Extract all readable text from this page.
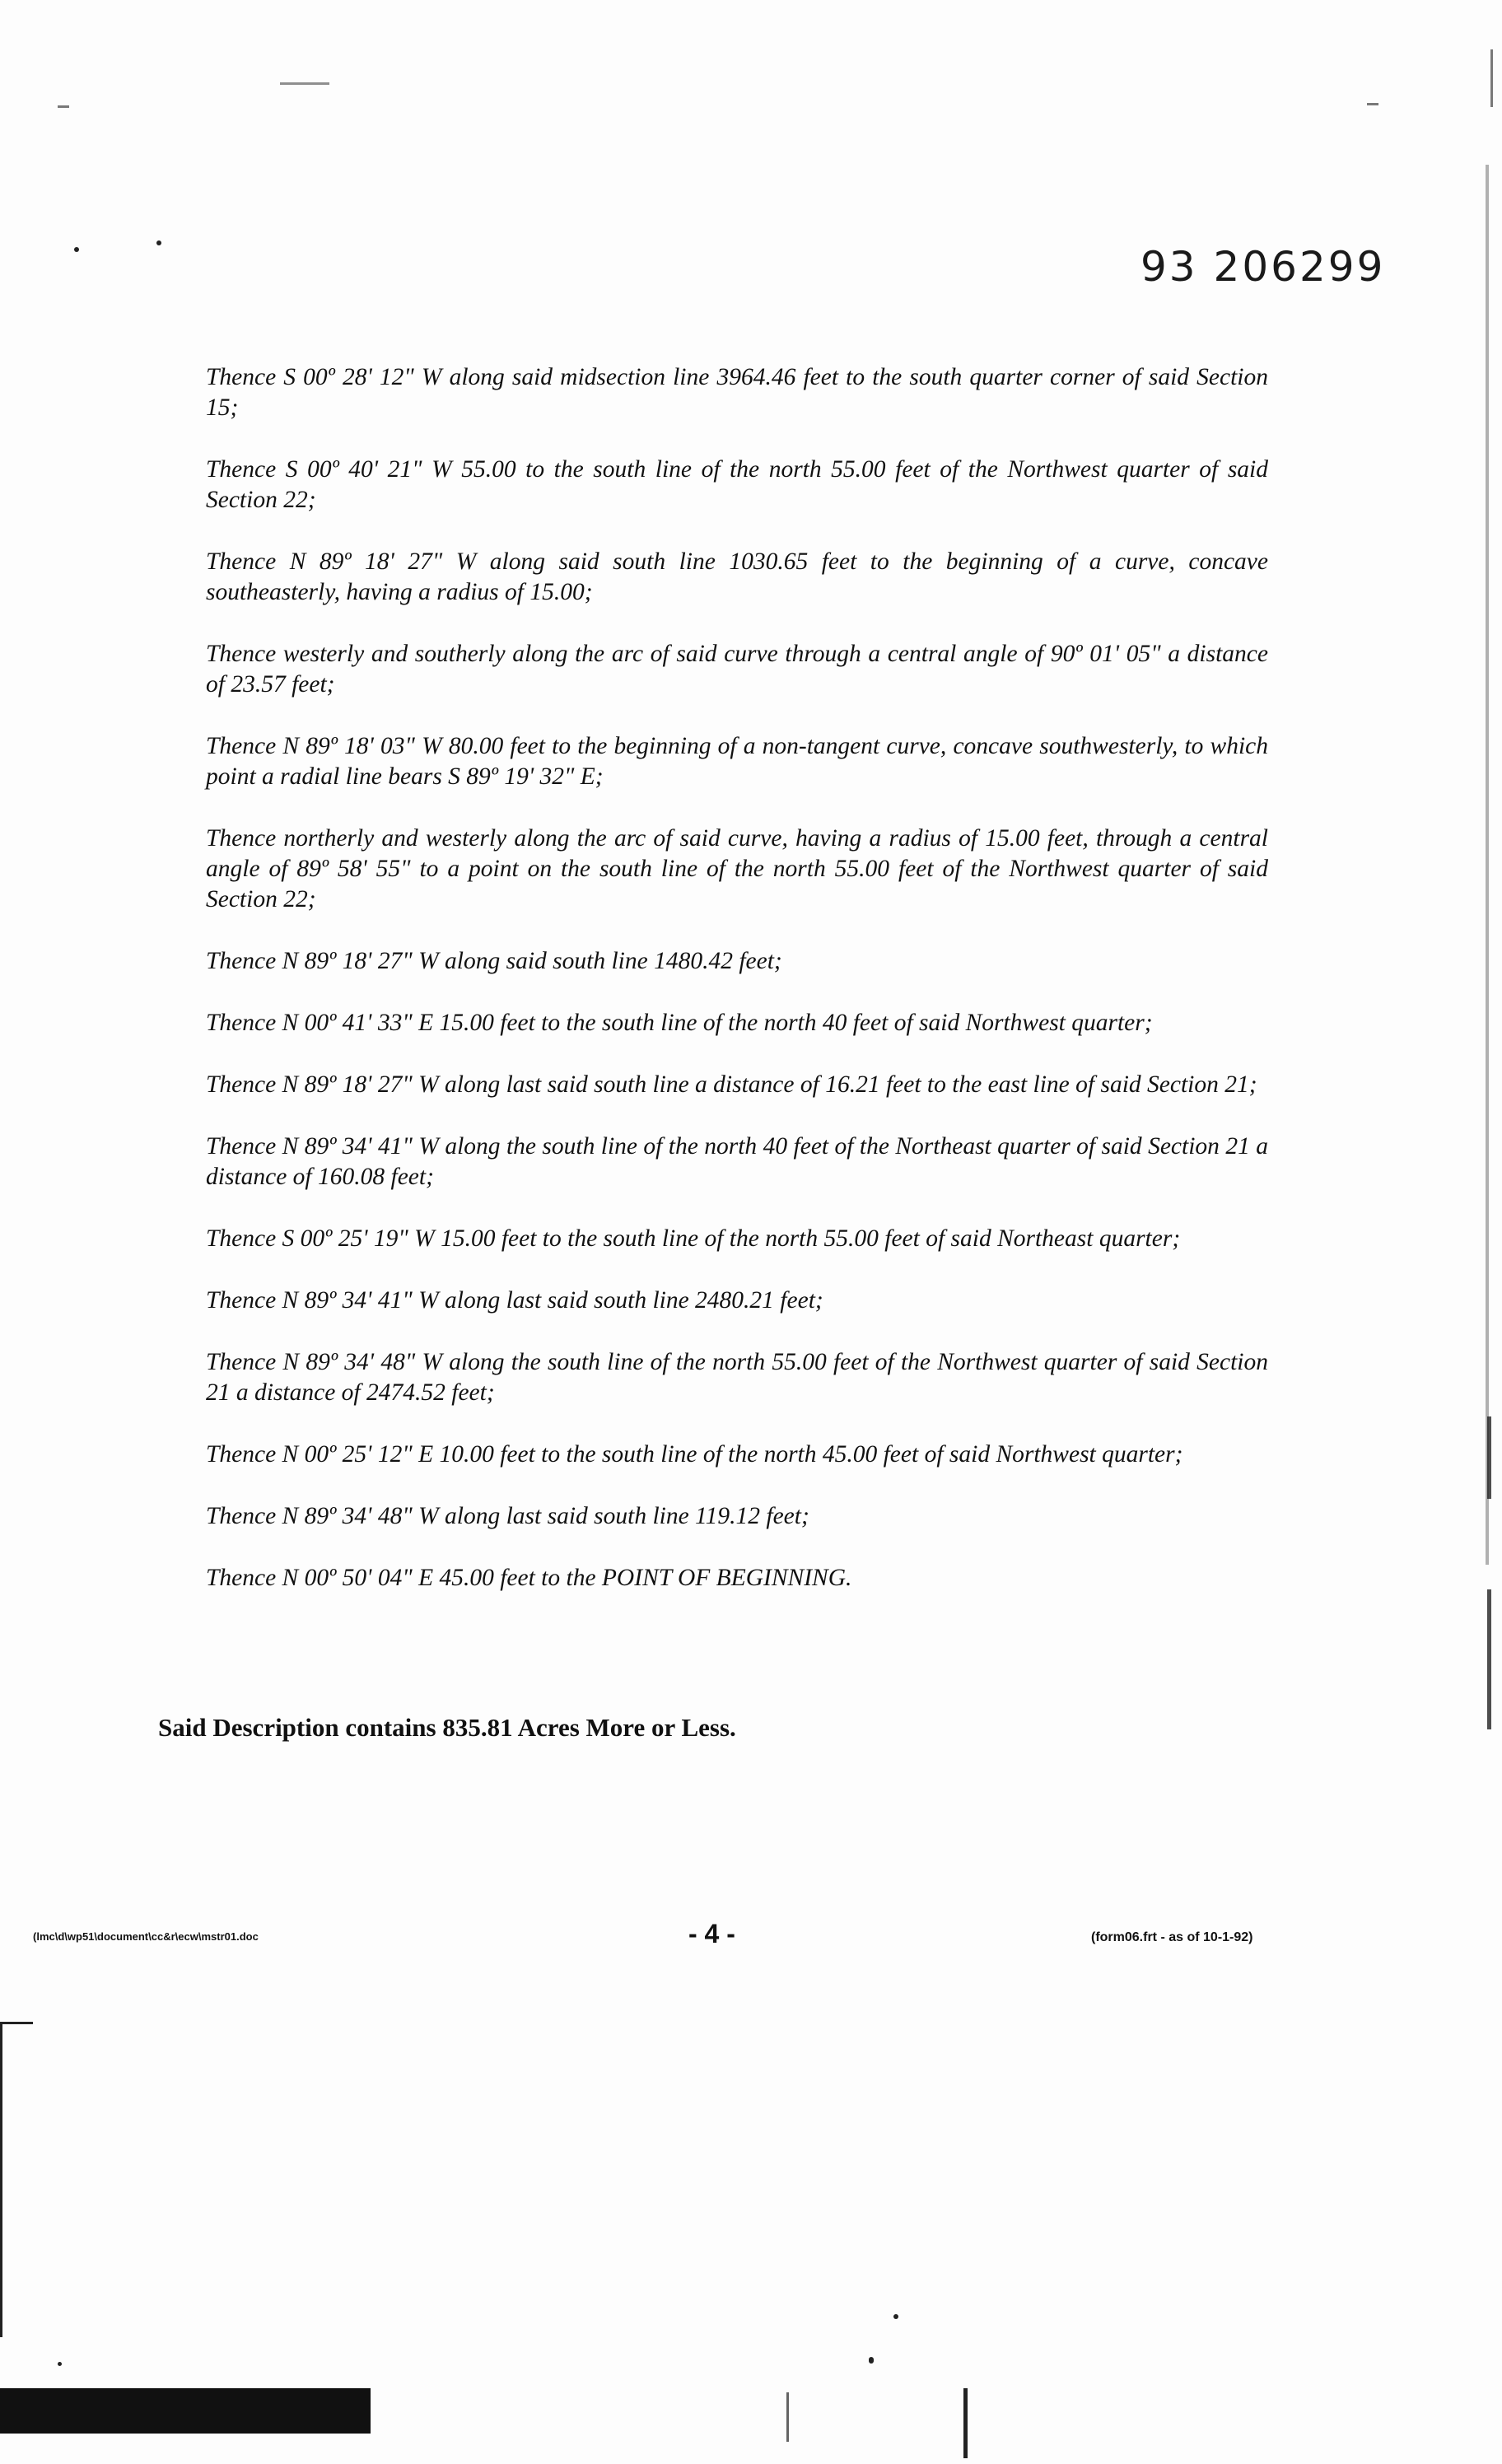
93 206299

Thence S 00º 28' 12" W along said midsection line 3964.46 feet to the south quarter corner of said Section 15;

Thence S 00º 40' 21" W 55.00 to the south line of the north 55.00 feet of the Northwest quarter of said Section 22;

Thence N 89º 18' 27" W along said south line 1030.65 feet to the beginning of a curve, concave southeasterly, having a radius of 15.00;

Thence westerly and southerly along the arc of said curve through a central angle of 90º 01' 05" a distance of 23.57 feet;

Thence N 89º 18' 03" W 80.00 feet to the beginning of a non-tangent curve, concave southwesterly, to which point a radial line bears S 89º 19' 32" E;

Thence northerly and westerly along the arc of said curve, having a radius of 15.00 feet, through a central angle of 89º 58' 55" to a point on the south line of the north 55.00 feet of the Northwest quarter of said Section 22;

Thence N 89º 18' 27" W along said south line 1480.42 feet;

Thence N 00º 41' 33" E 15.00 feet to the south line of the north 40 feet of said Northwest quarter;

Thence N 89º 18' 27" W along last said south line a distance of 16.21 feet to the east line of said Section 21;

Thence N 89º 34' 41" W along the south line of the north 40 feet of the Northeast quarter of said Section 21 a distance of 160.08 feet;

Thence S 00º 25' 19" W 15.00 feet to the south line of the north 55.00 feet of said Northeast quarter;

Thence N 89º 34' 41" W along last said south line 2480.21 feet;

Thence N 89º 34' 48" W along the south line of the north 55.00 feet of the Northwest quarter of said Section 21 a distance of 2474.52 feet;

Thence N 00º 25' 12" E 10.00 feet to the south line of the north 45.00 feet of said Northwest quarter;

Thence N 89º 34' 48" W along last said south line 119.12 feet;

Thence N 00º 50' 04" E 45.00 feet to the POINT OF BEGINNING.

Said Description contains 835.81 Acres More or Less.
(lmc\d\wp51\document\cc&r\ecw\mstr01.doc	- 4 -	(form06.frt - as of 10-1-92)
